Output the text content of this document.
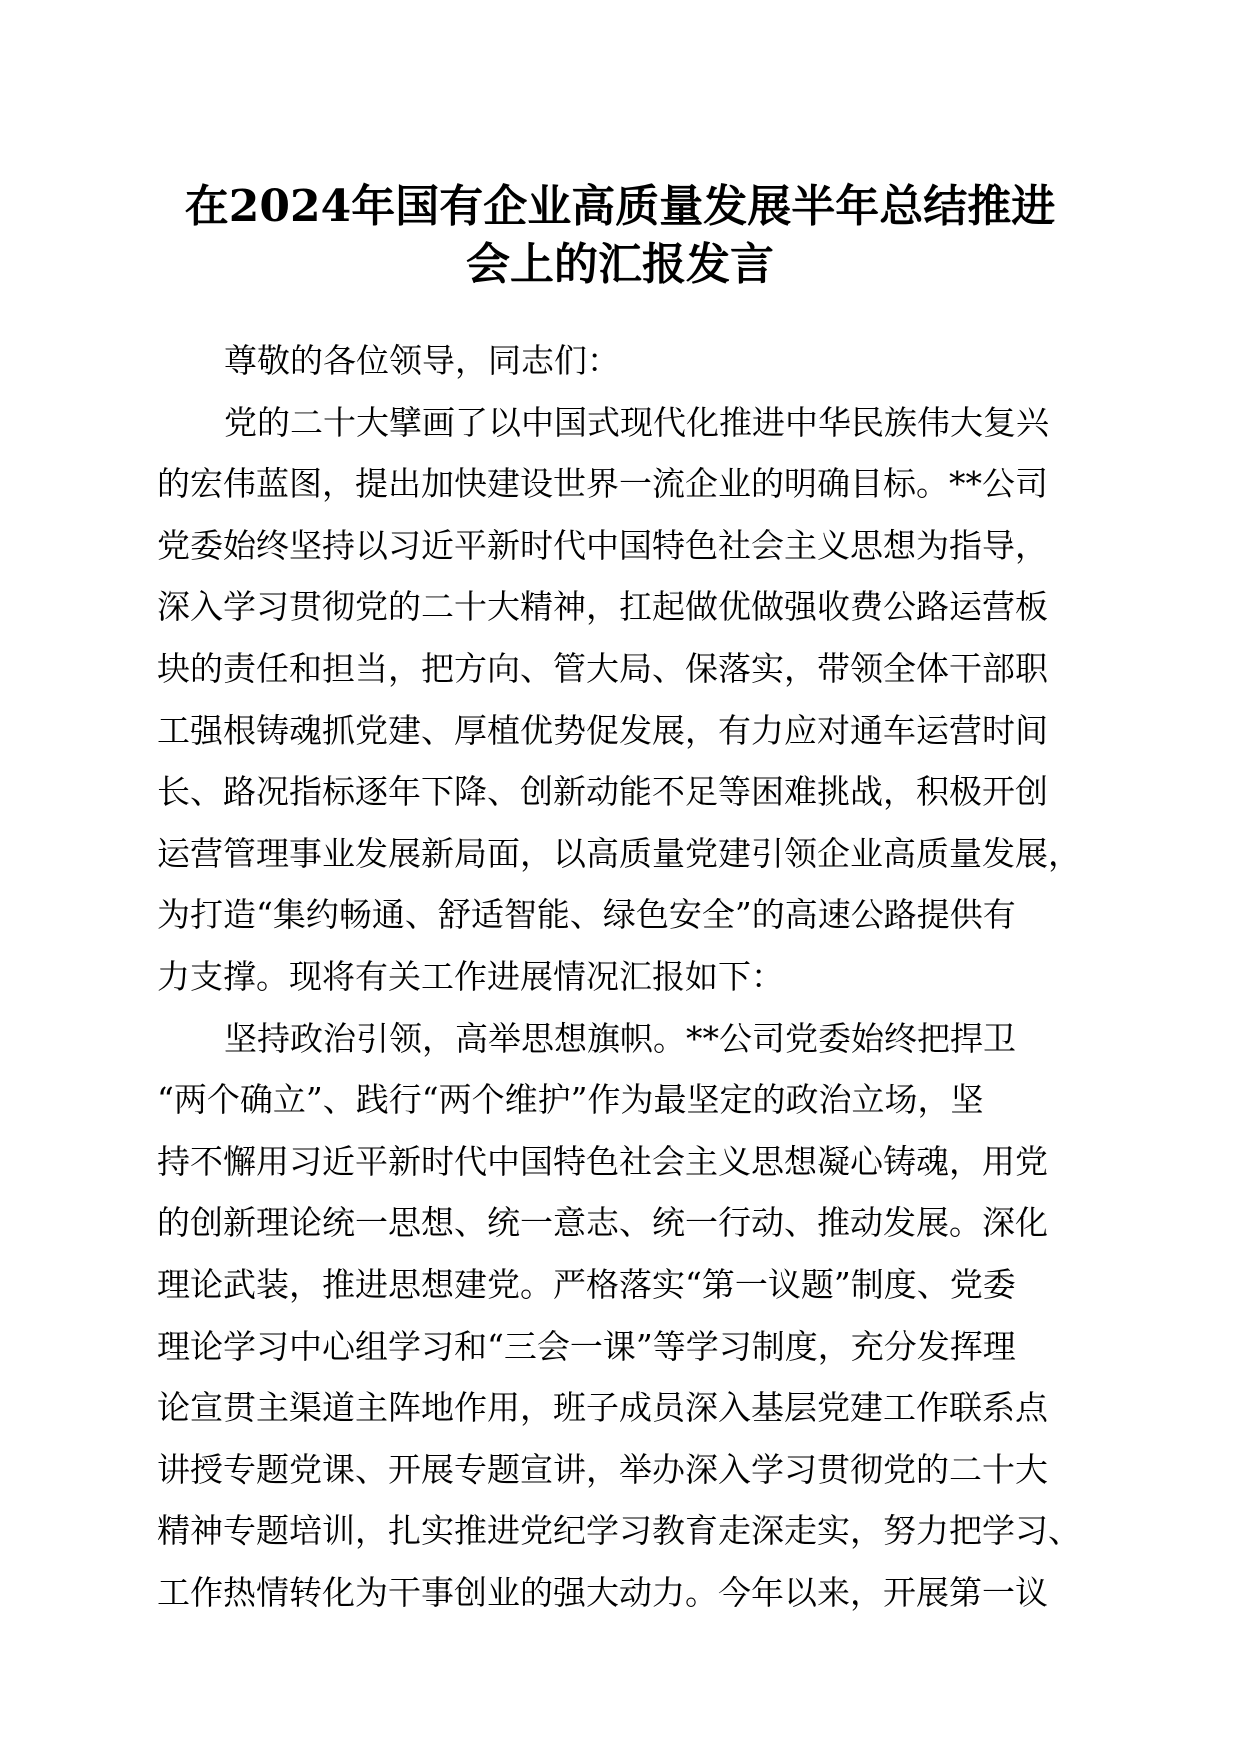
在2024年国有企业高质量发展半年总结推进
会上的汇报发言
尊敬的各位领导，同志们：
党的二十大擘画了以中国式现代化推进中华民族伟大复兴
的宏伟蓝图，提出加快建设世界一流企业的明确目标。**公司
党委始终坚持以习近平新时代中国特色社会主义思想为指导，
深入学习贯彻党的二十大精神，扛起做优做强收费公路运营板
块的责任和担当，把方向、管大局、保落实，带领全体干部职
工强根铸魂抓党建、厚植优势促发展，有力应对通车运营时间
长、路况指标逐年下降、创新动能不足等困难挑战，积极开创
运营管理事业发展新局面，以高质量党建引领企业高质量发展，
为打造“集约畅通、舒适智能、绿色安全”的高速公路提供有
力支撑。现将有关工作进展情况汇报如下：
坚持政治引领，高举思想旗帜。**公司党委始终把捍卫
“两个确立”、践行“两个维护”作为最坚定的政治立场，坚
持不懈用习近平新时代中国特色社会主义思想凝心铸魂，用党
的创新理论统一思想、统一意志、统一行动、推动发展。深化
理论武装，推进思想建党。严格落实“第一议题”制度、党委
理论学习中心组学习和“三会一课”等学习制度，充分发挥理
论宣贯主渠道主阵地作用，班子成员深入基层党建工作联系点
讲授专题党课、开展专题宣讲，举办深入学习贯彻党的二十大
精神专题培训，扎实推进党纪学习教育走深走实，努力把学习、
工作热情转化为干事创业的强大动力。今年以来，开展第一议
